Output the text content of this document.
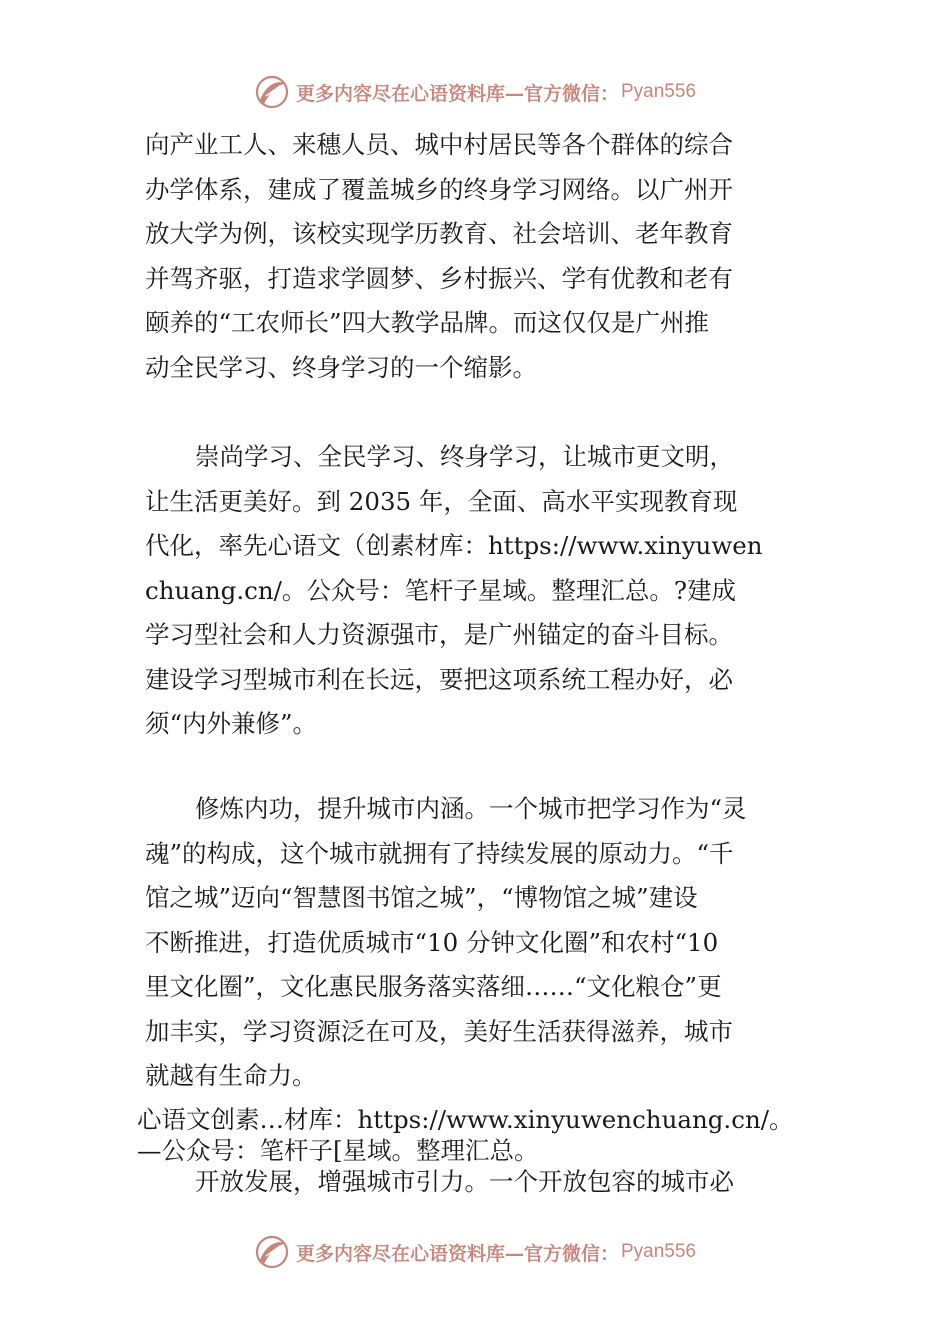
更多内容尽在心语资料库—官方微信： Pyan556
向产业工人、来穗人员、城中村居民等各个群体的综合
办学体系，建成了覆盖城乡的终身学习网络。以广州开
放大学为例，该校实现学历教育、社会培训、老年教育
并驾齐驱，打造求学圆梦、乡村振兴、学有优教和老有
颐养的“工农师长”四大教学品牌。而这仅仅是广州推
动全民学习、终身学习的一个缩影。
崇尚学习、全民学习、终身学习，让城市更文明，
让生活更美好。到 2035 年，全面、高水平实现教育现
代化，率先心语文（创素材库：https://www.xinyuwen
chuang.cn/。公众号：笔杆子星域。整理汇总。?建成
学习型社会和人力资源强市，是广州锚定的奋斗目标。
建设学习型城市利在长远，要把这项系统工程办好，必
须“内外兼修”。
修炼内功，提升城市内涵。一个城市把学习作为“灵
魂”的构成，这个城市就拥有了持续发展的原动力。“千
馆之城”迈向“智慧图书馆之城”，“博物馆之城”建设
不断推进，打造优质城市“10 分钟文化圈”和农村“10
里文化圈”，文化惠民服务落实落细……“文化粮仓”更
加丰实，学习资源泛在可及，美好生活获得滋养，城市
就越有生命力。
心语文创素…材库：https://www.xinyuwenchuang.cn/。
—公众号：笔杆子[星域。整理汇总。
开放发展，增强城市引力。一个开放包容的城市必
更多内容尽在心语资料库—官方微信： Pyan556
